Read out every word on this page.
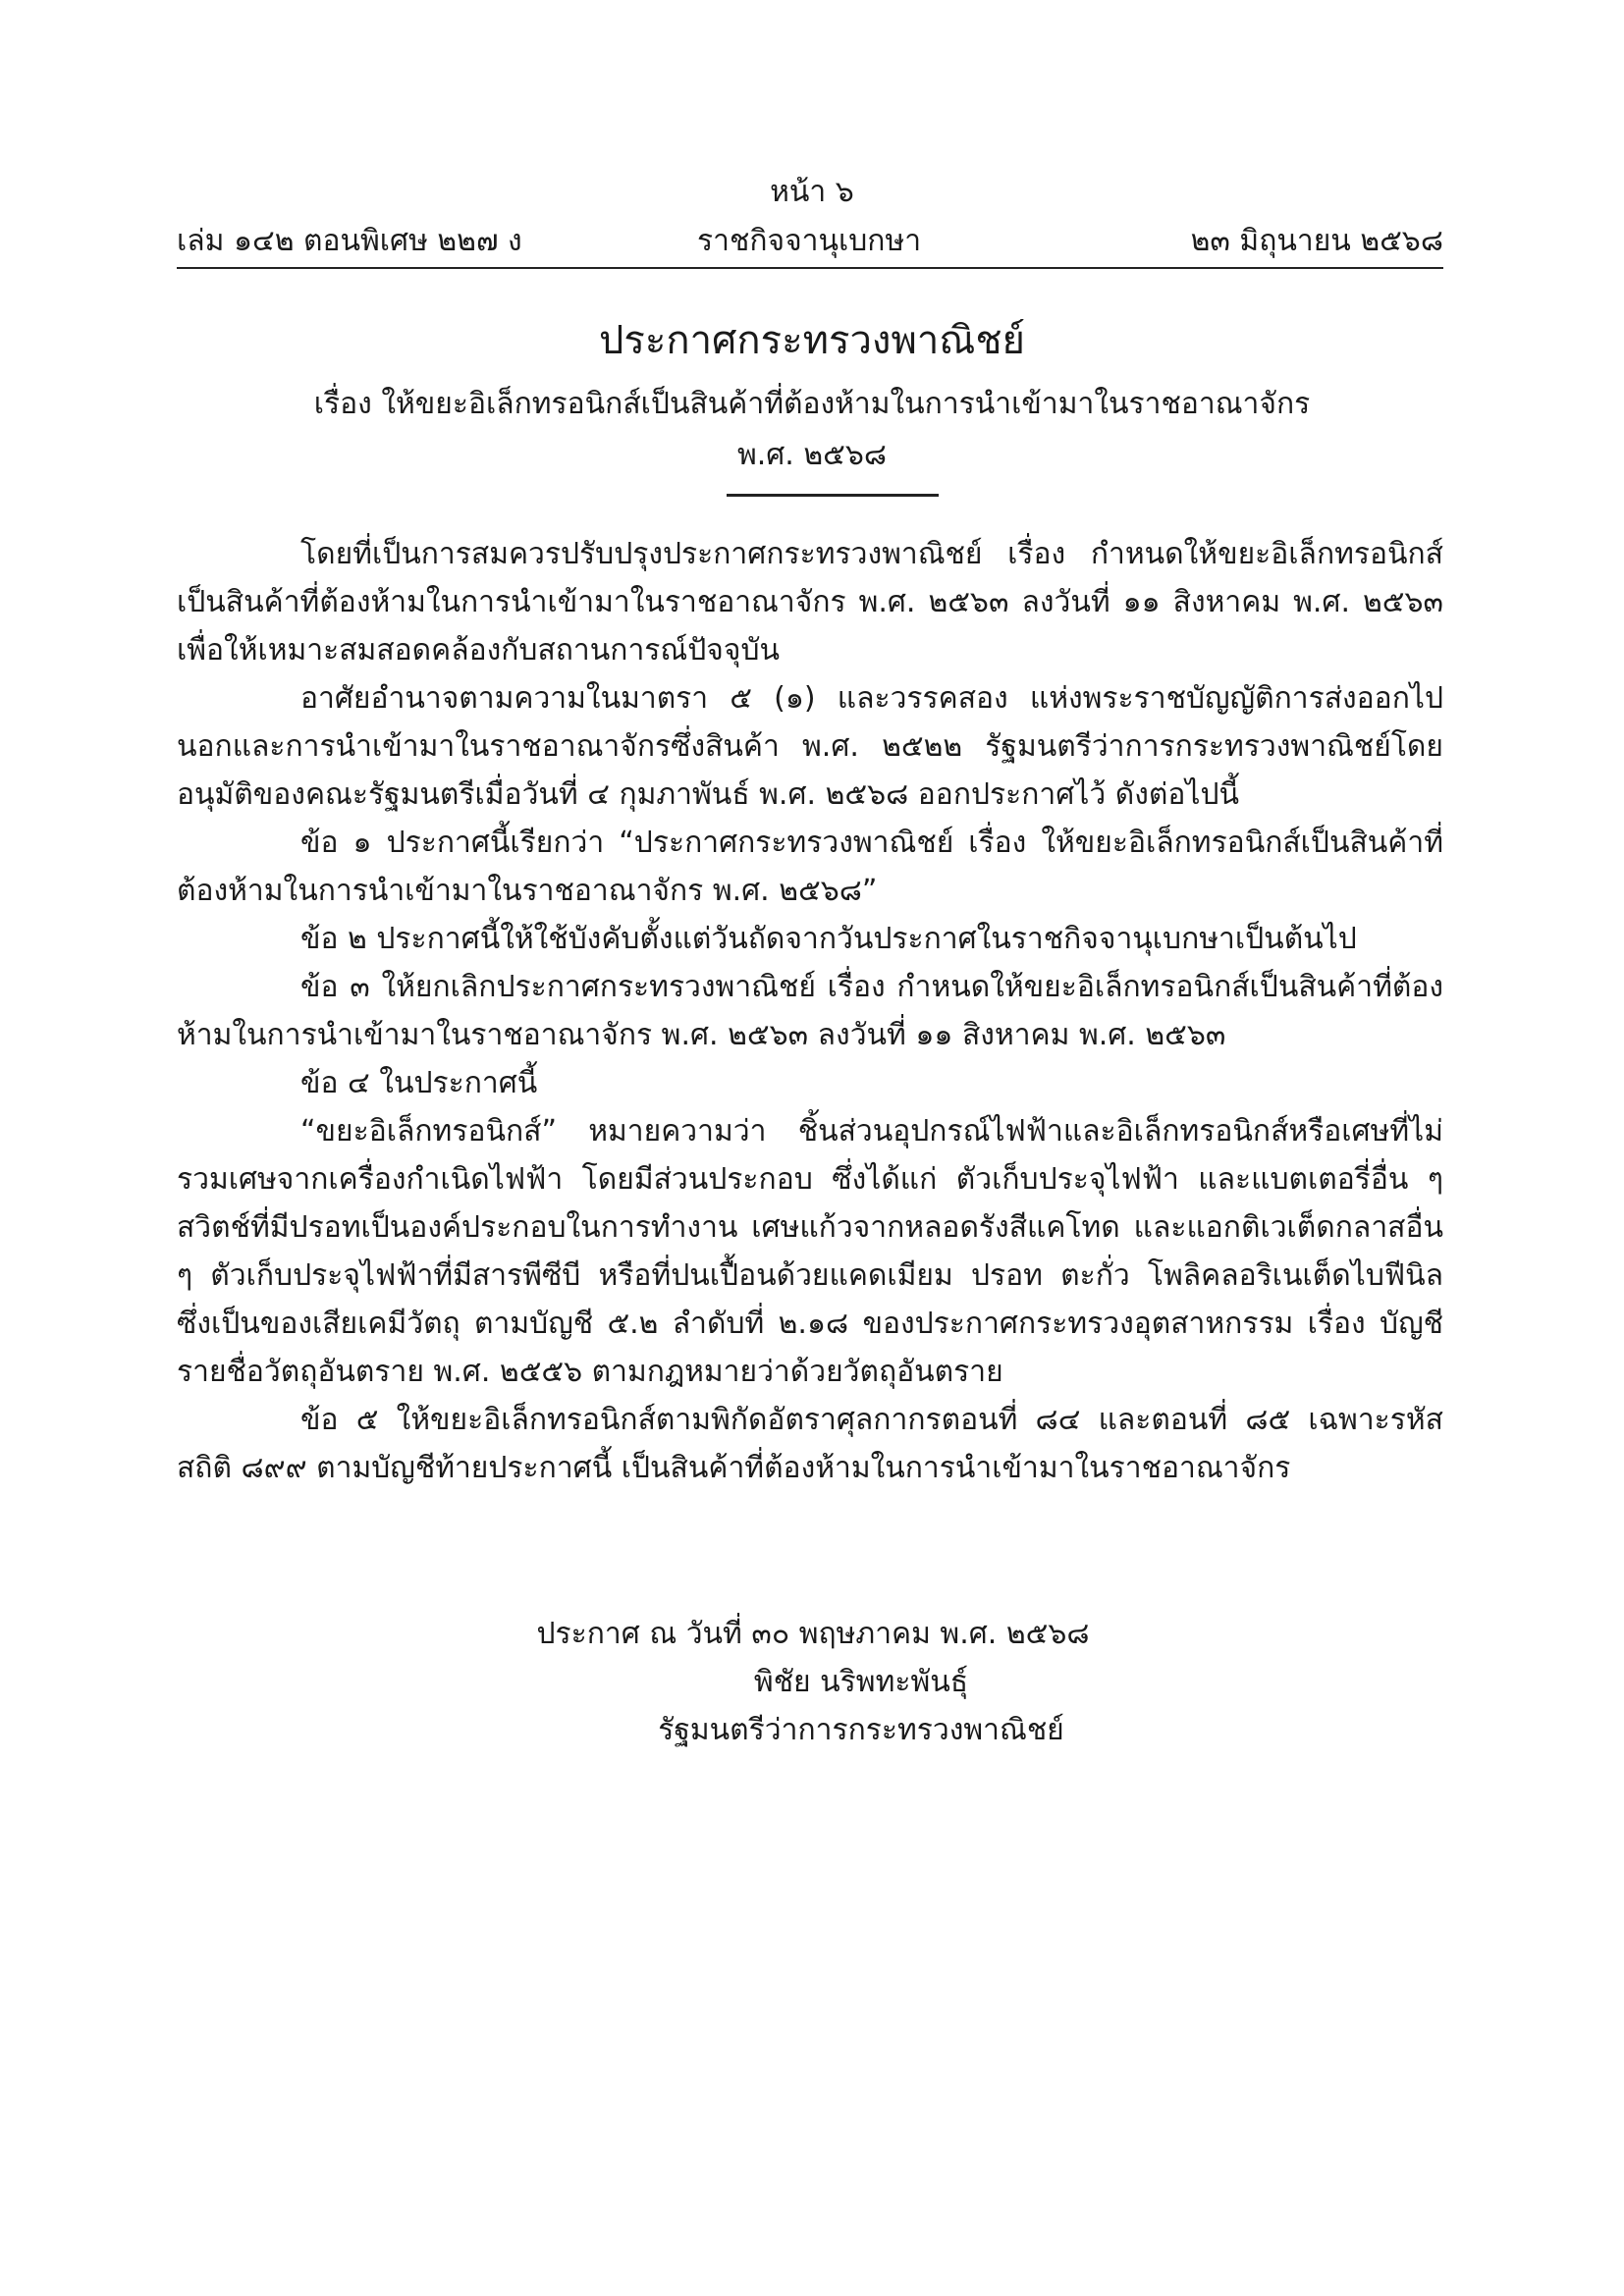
หน้า ๖
เล่ม ๑๔๒ ตอนพิเศษ ๒๒๗ ง	ราชกิจจานุเบกษา	๒๓ มิถุนายน ๒๕๖๘
ประกาศกระทรวงพาณิชย์
เรื่อง ให้ขยะอิเล็กทรอนิกส์เป็นสินค้าที่ต้องห้ามในการนำเข้ามาในราชอาณาจักร
พ.ศ. ๒๕๖๘

โดยที่เป็นการสมควรปรับปรุงประกาศกระทรวงพาณิชย์ เรื่อง กำหนดให้ขยะอิเล็กทรอนิกส์เป็นสินค้าที่ต้องห้ามในการนำเข้ามาในราชอาณาจักร พ.ศ. ๒๕๖๓ ลงวันที่ ๑๑ สิงหาคม พ.ศ. ๒๕๖๓ เพื่อให้เหมาะสมสอดคล้องกับสถานการณ์ปัจจุบัน

อาศัยอำนาจตามความในมาตรา ๕ (๑) และวรรคสอง แห่งพระราชบัญญัติการส่งออกไปนอกและการนำเข้ามาในราชอาณาจักรซึ่งสินค้า พ.ศ. ๒๕๒๒ รัฐมนตรีว่าการกระทรวงพาณิชย์โดยอนุมัติของคณะรัฐมนตรีเมื่อวันที่ ๔ กุมภาพันธ์ พ.ศ. ๒๕๖๘ ออกประกาศไว้ ดังต่อไปนี้

ข้อ ๑ ประกาศนี้เรียกว่า “ประกาศกระทรวงพาณิชย์ เรื่อง ให้ขยะอิเล็กทรอนิกส์เป็นสินค้าที่ต้องห้ามในการนำเข้ามาในราชอาณาจักร พ.ศ. ๒๕๖๘”

ข้อ ๒ ประกาศนี้ให้ใช้บังคับตั้งแต่วันถัดจากวันประกาศในราชกิจจานุเบกษาเป็นต้นไป

ข้อ ๓ ให้ยกเลิกประกาศกระทรวงพาณิชย์ เรื่อง กำหนดให้ขยะอิเล็กทรอนิกส์เป็นสินค้าที่ต้องห้ามในการนำเข้ามาในราชอาณาจักร พ.ศ. ๒๕๖๓ ลงวันที่ ๑๑ สิงหาคม พ.ศ. ๒๕๖๓

ข้อ ๔ ในประกาศนี้

“ขยะอิเล็กทรอนิกส์” หมายความว่า ชิ้นส่วนอุปกรณ์ไฟฟ้าและอิเล็กทรอนิกส์หรือเศษที่ไม่รวมเศษจากเครื่องกำเนิดไฟฟ้า โดยมีส่วนประกอบ ซึ่งได้แก่ ตัวเก็บประจุไฟฟ้า และแบตเตอรี่อื่น ๆ สวิตช์ที่มีปรอทเป็นองค์ประกอบในการทำงาน เศษแก้วจากหลอดรังสีแคโทด และแอกติเวเต็ดกลาสอื่น ๆ ตัวเก็บประจุไฟฟ้าที่มีสารพีซีบี หรือที่ปนเปื้อนด้วยแคดเมียม ปรอท ตะกั่ว โพลิคลอริเนเต็ดไบฟีนิล ซึ่งเป็นของเสียเคมีวัตถุ ตามบัญชี ๕.๒ ลำดับที่ ๒.๑๘ ของประกาศกระทรวงอุตสาหกรรม เรื่อง บัญชีรายชื่อวัตถุอันตราย พ.ศ. ๒๕๕๖ ตามกฎหมายว่าด้วยวัตถุอันตราย

ข้อ ๕ ให้ขยะอิเล็กทรอนิกส์ตามพิกัดอัตราศุลกากรตอนที่ ๘๔ และตอนที่ ๘๕ เฉพาะรหัสสถิติ ๘๙๙ ตามบัญชีท้ายประกาศนี้ เป็นสินค้าที่ต้องห้ามในการนำเข้ามาในราชอาณาจักร

ประกาศ ณ วันที่ ๓๐ พฤษภาคม พ.ศ. ๒๕๖๘
พิชัย นริพทะพันธุ์
รัฐมนตรีว่าการกระทรวงพาณิชย์
